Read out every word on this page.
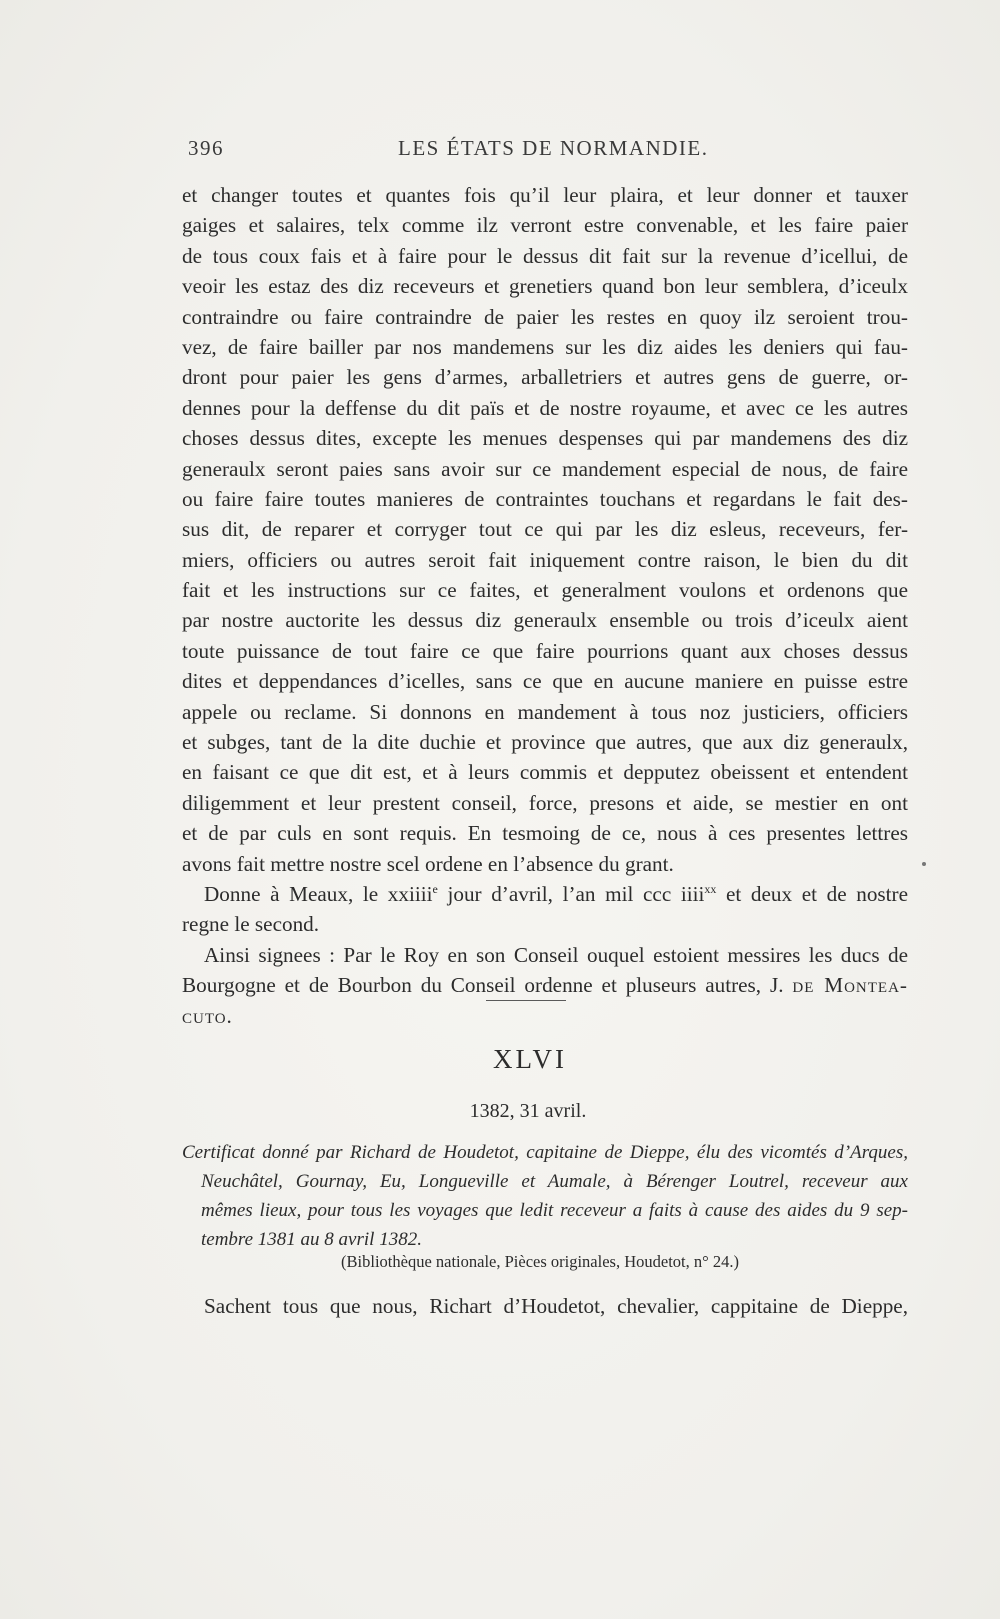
396	LES ÉTATS DE NORMANDIE.
et changer toutes et quantes fois qu’il leur plaira, et leur donner et tauxer
gaiges et salaires, telx comme ilz verront estre convenable, et les faire paier
de tous coux fais et à faire pour le dessus dit fait sur la revenue d’icellui, de
veoir les estaz des diz receveurs et grenetiers quand bon leur semblera, d’iceulx
contraindre ou faire contraindre de paier les restes en quoy ilz seroient trou-
vez, de faire bailler par nos mandemens sur les diz aides les deniers qui fau-
dront pour paier les gens d’armes, arballetriers et autres gens de guerre, or-
dennes pour la deffense du dit païs et de nostre royaume, et avec ce les autres
choses dessus dites, excepte les menues despenses qui par mandemens des diz
generaulx seront paies sans avoir sur ce mandement especial de nous, de faire
ou faire faire toutes manieres de contraintes touchans et regardans le fait des-
sus dit, de reparer et corryger tout ce qui par les diz esleus, receveurs, fer-
miers, officiers ou autres seroit fait iniquement contre raison, le bien du dit
fait et les instructions sur ce faites, et generalment voulons et ordenons que
par nostre auctorite les dessus diz generaulx ensemble ou trois d’iceulx aient
toute puissance de tout faire ce que faire pourrions quant aux choses dessus
dites et deppendances d’icelles, sans ce que en aucune maniere en puisse estre
appele ou reclame. Si donnons en mandement à tous noz justiciers, officiers
et subges, tant de la dite duchie et province que autres, que aux diz generaulx,
en faisant ce que dit est, et à leurs commis et depputez obeissent et entendent
diligemment et leur prestent conseil, force, presons et aide, se mestier en ont
et de par culs en sont requis. En tesmoing de ce, nous à ces presentes lettres
avons fait mettre nostre scel ordene en l’absence du grant.
Donne à Meaux, le xxiiii$^e$ jour d’avril, l’an mil ccc iiii$^{xx}$ et deux et de nostre
regne le second.
Ainsi signees : Par le Roy en son Conseil ouquel estoient messires les ducs de
Bourgogne et de Bourbon du Conseil ordenne et pluseurs autres, J. de Montea-
cuto.
XLVI
1382, 31 avril.
Certificat donné par Richard de Houdetot, capitaine de Dieppe, élu des vicomtés d’Arques,
Neuchâtel, Gournay, Eu, Longueville et Aumale, à Bérenger Loutrel, receveur aux
mêmes lieux, pour tous les voyages que ledit receveur a faits à cause des aides du 9 sep-
tembre 1381 au 8 avril 1382.
(Bibliothèque nationale, Pièces originales, Houdetot, n° 24.)
Sachent tous que nous, Richart d’Houdetot, chevalier, cappitaine de Dieppe,
